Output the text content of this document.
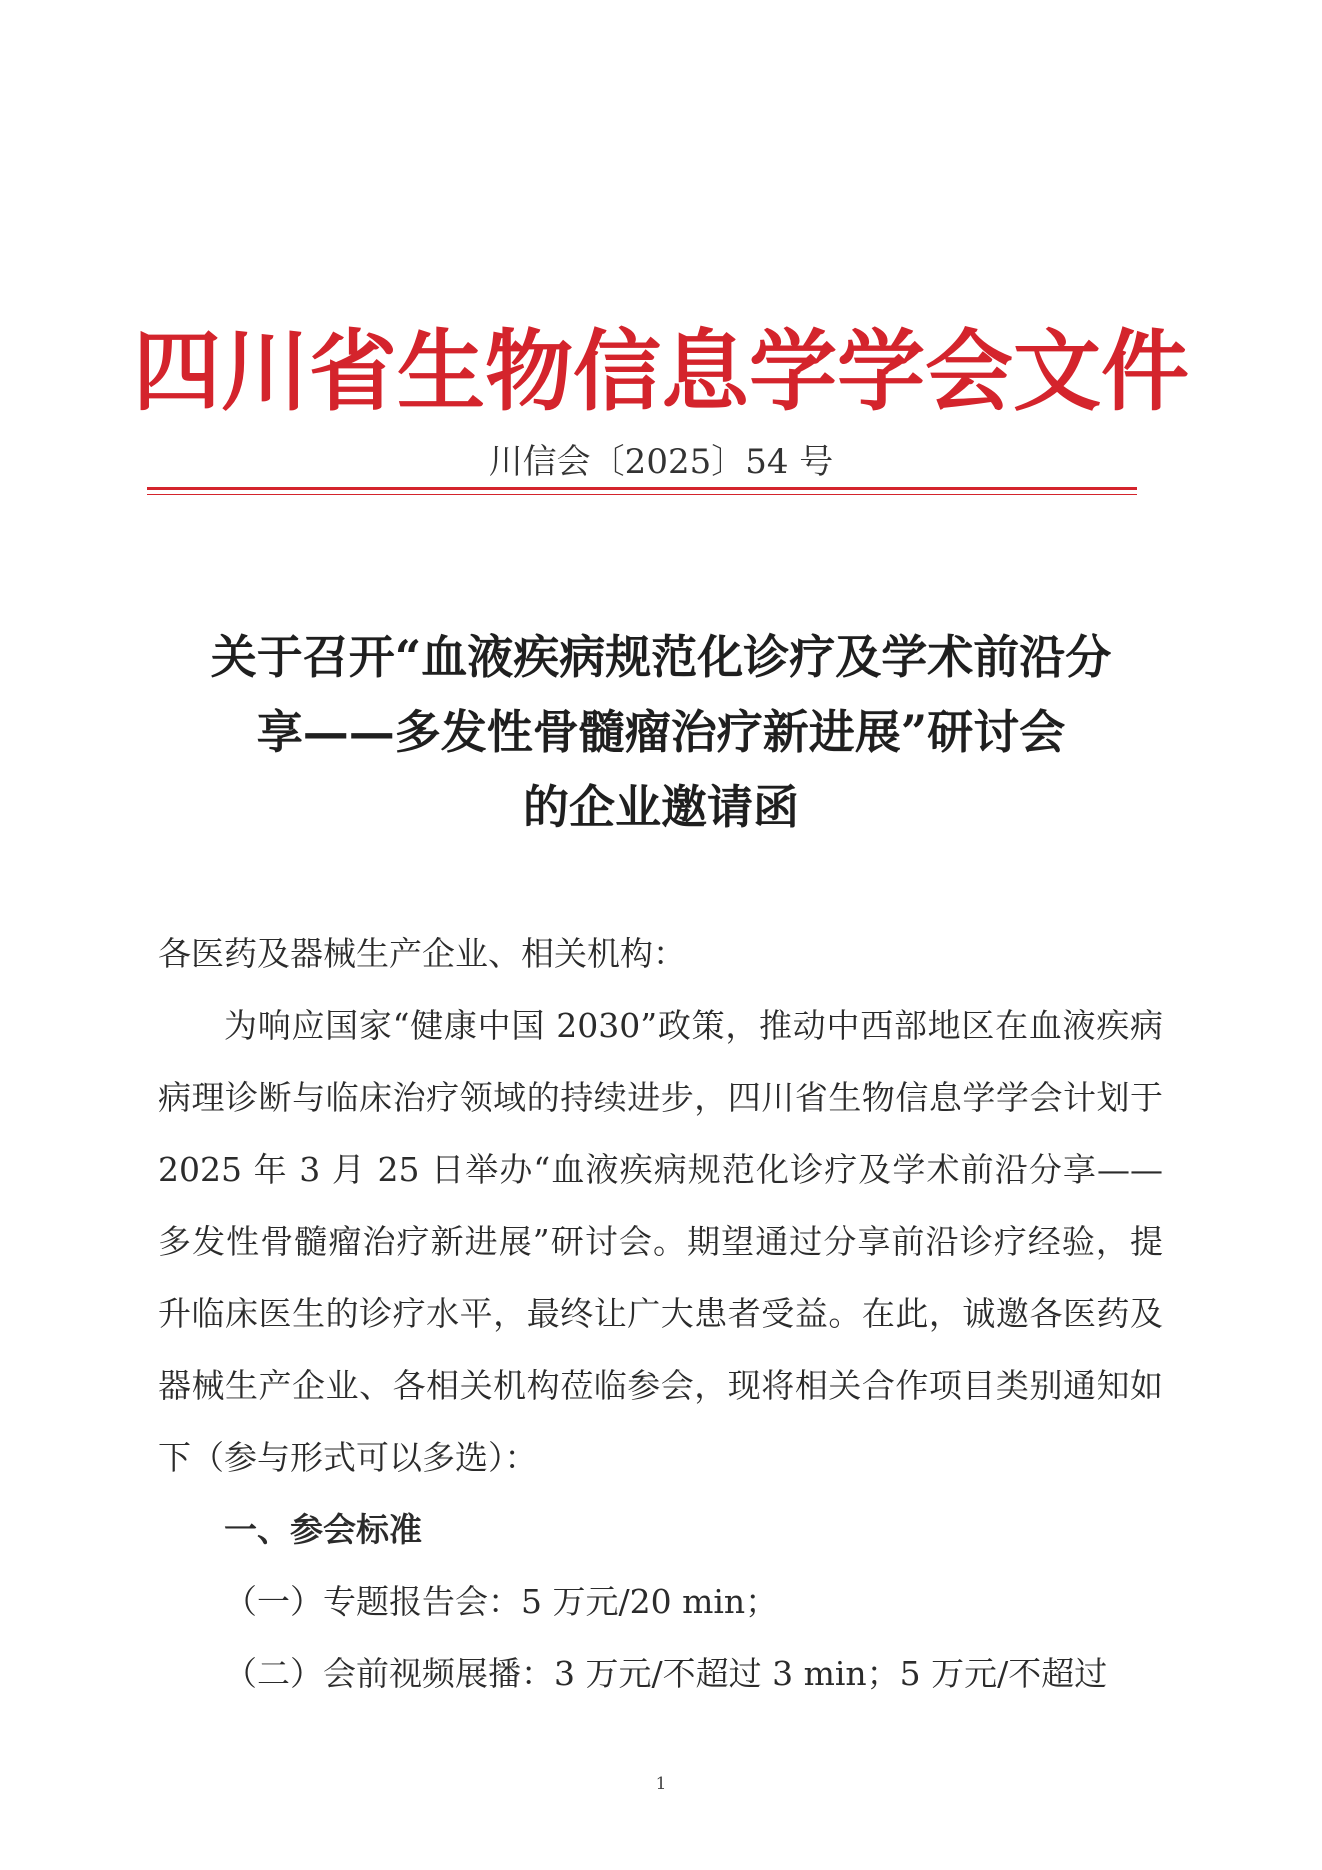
四川省生物信息学学会文件
川信会〔2025〕54 号
关于召开“血液疾病规范化诊疗及学术前沿分
享——多发性骨髓瘤治疗新进展”研讨会
的企业邀请函

各医药及器械生产企业、相关机构：

为响应国家“健康中国 2030”政策，推动中西部地区在血液疾病病理诊断与临床治疗领域的持续进步，四川省生物信息学学会计划于 2025 年 3 月 25 日举办“血液疾病规范化诊疗及学术前沿分享——多发性骨髓瘤治疗新进展”研讨会。期望通过分享前沿诊疗经验，提升临床医生的诊疗水平，最终让广大患者受益。在此，诚邀各医药及器械生产企业、各相关机构莅临参会，现将相关合作项目类别通知如下（参与形式可以多选）：

一、参会标准

（一）专题报告会：5 万元/20 min；

（二）会前视频展播：3 万元/不超过 3 min；5 万元/不超过

1
